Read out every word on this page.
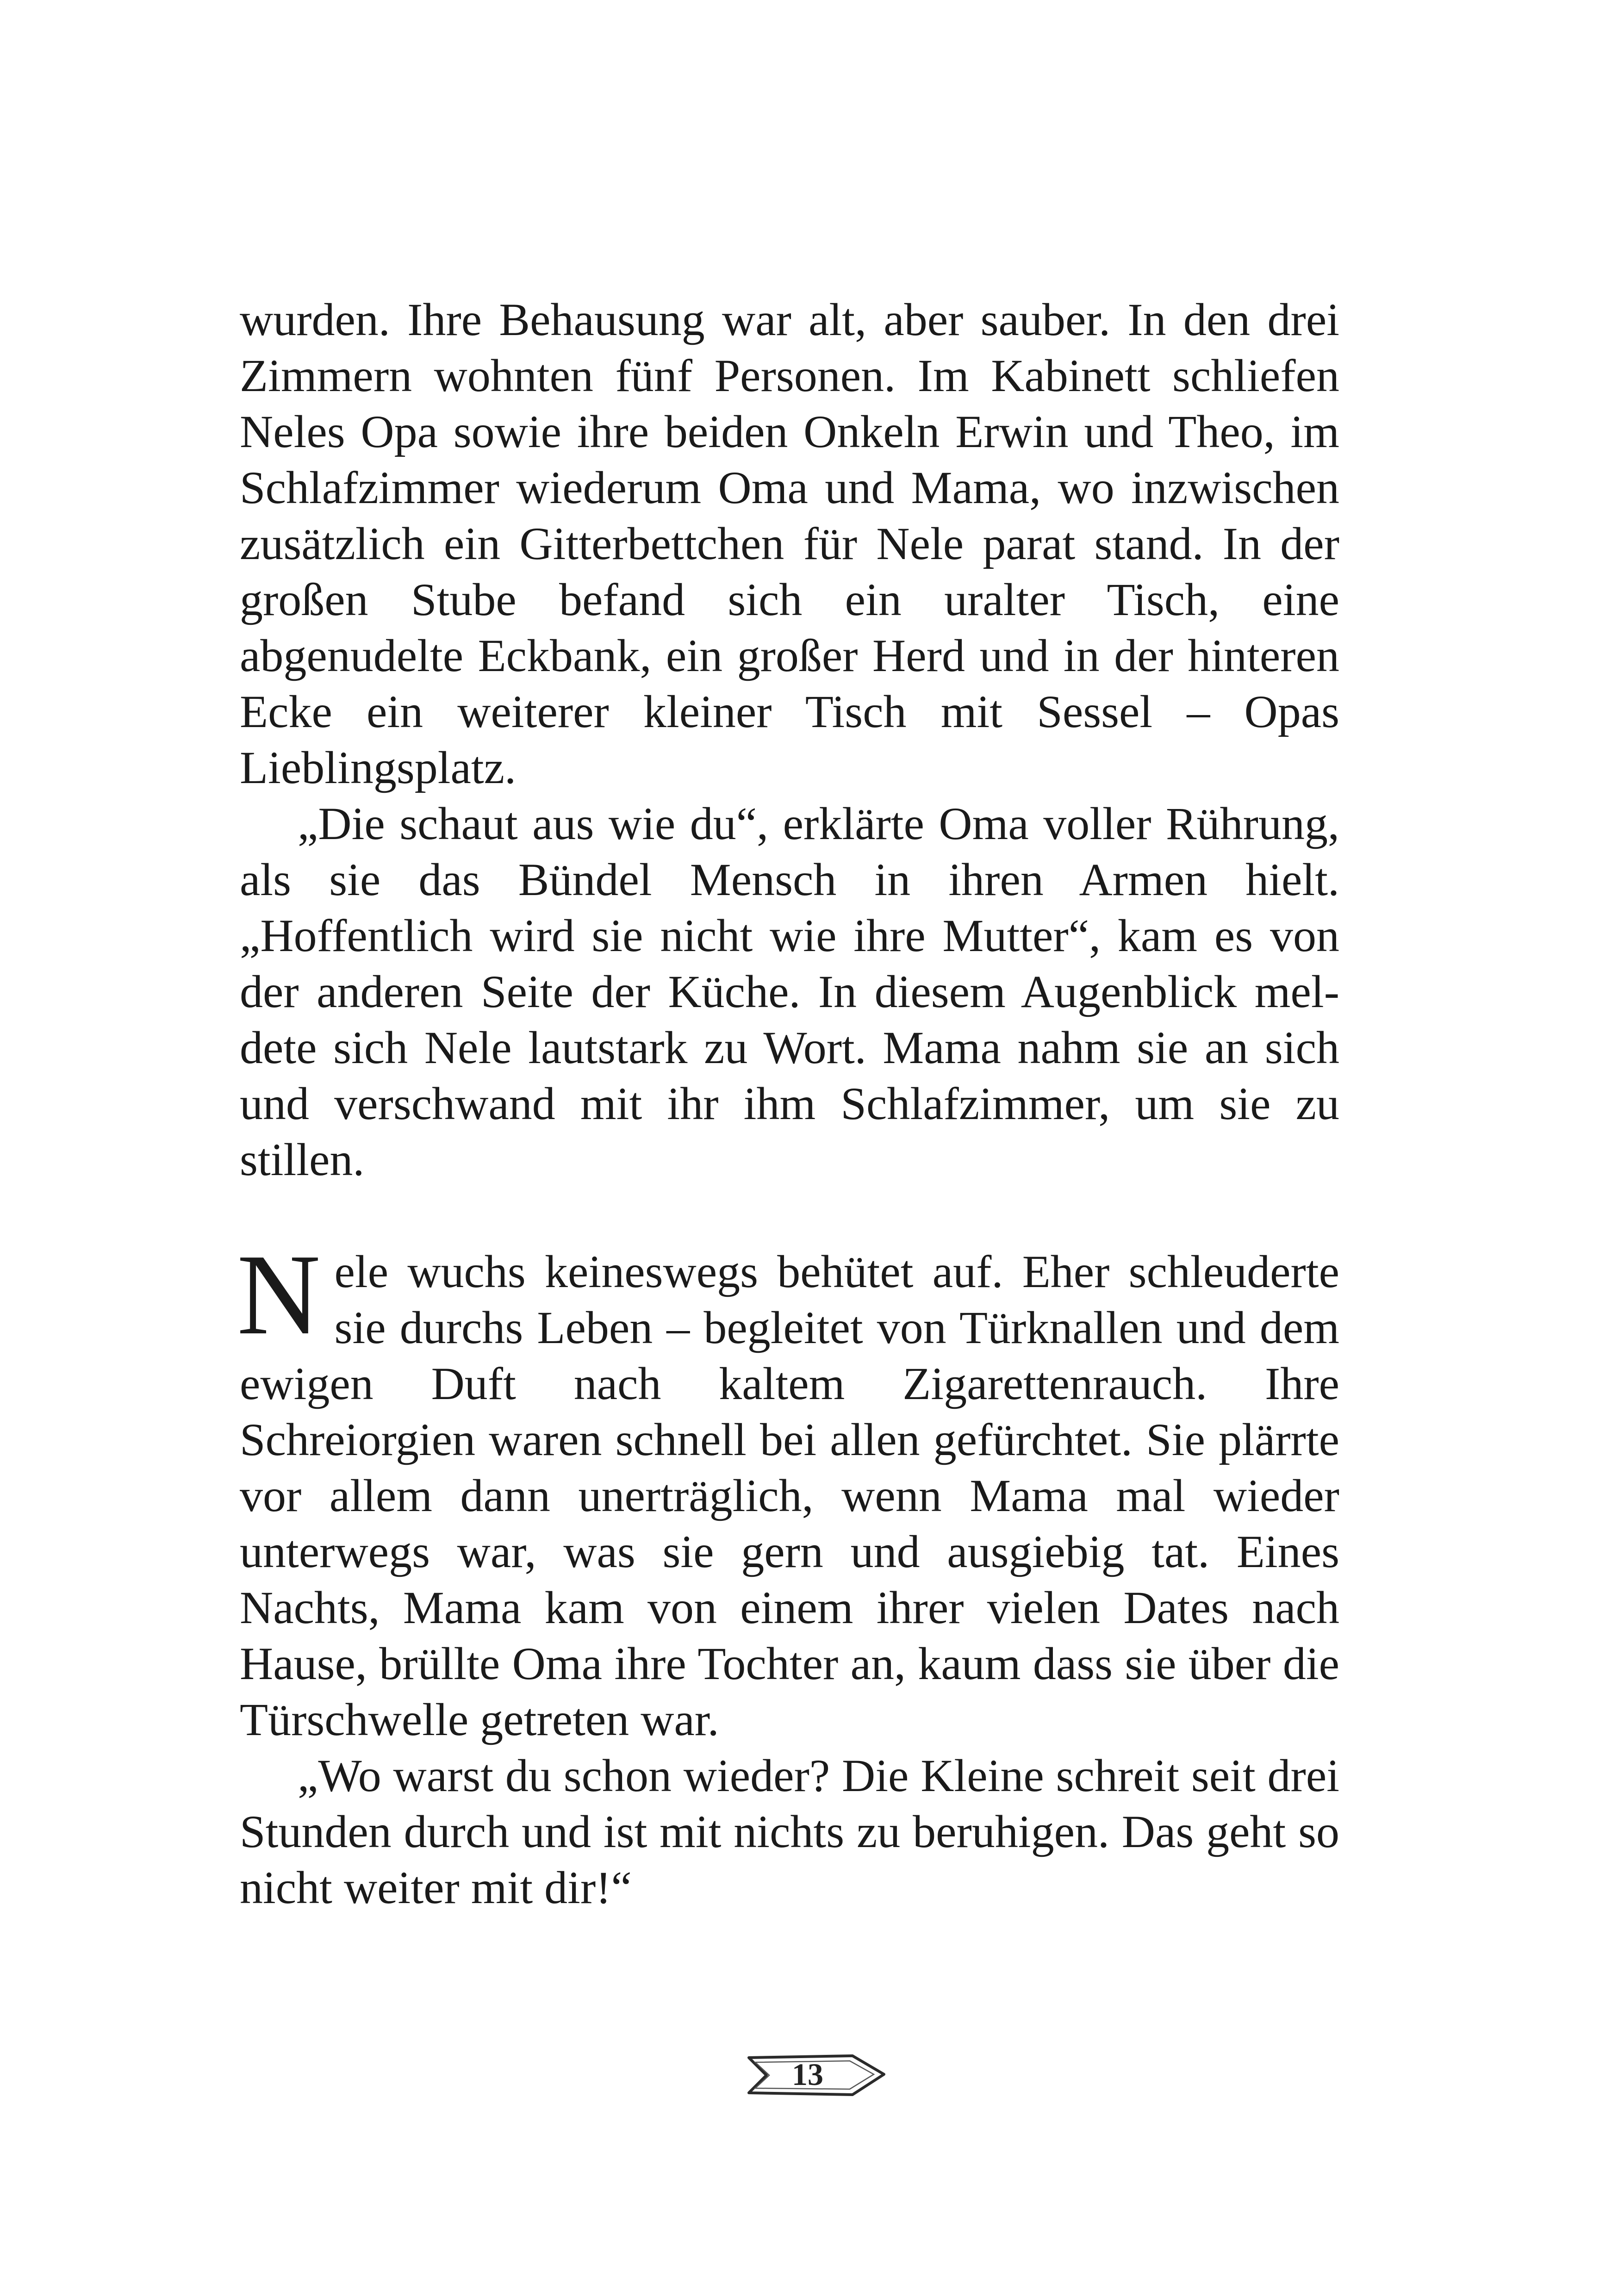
wurden. Ihre Behausung war alt, aber sauber. In den drei Zimmern wohnten fünf Personen. Im Kabinett schliefen Neles Opa sowie ihre beiden Onkeln Erwin und Theo, im Schlafzimmer wiederum Oma und Mama, wo inzwischen zusätzlich ein Gitterbettchen für Nele parat stand. In der großen Stube befand sich ein uralter Tisch, eine abgenudelte Eckbank, ein großer Herd und in der hinteren Ecke ein weiterer kleiner Tisch mit Sessel – Opas Lieblingsplatz.

„Die schaut aus wie du“, erklärte Oma voller Rührung, als sie das Bündel Mensch in ihren Armen hielt. „Hoffentlich wird sie nicht wie ihre Mutter“, kam es von der anderen Seite der Küche. In diesem Augenblick meldete sich Nele lautstark zu Wort. Mama nahm sie an sich und verschwand mit ihr ihm Schlafzimmer, um sie zu stillen.

Nele wuchs keineswegs behütet auf. Eher schleuderte sie durchs Leben – begleitet von Türknallen und dem ewigen Duft nach kaltem Zigarettenrauch. Ihre Schreiorgien waren schnell bei allen gefürchtet. Sie plärrte vor allem dann unerträglich, wenn Mama mal wieder unterwegs war, was sie gern und ausgiebig tat. Eines Nachts, Mama kam von einem ihrer vielen Dates nach Hause, brüllte Oma ihre Tochter an, kaum dass sie über die Türschwelle getreten war.

„Wo warst du schon wieder? Die Kleine schreit seit drei Stunden durch und ist mit nichts zu beruhigen. Das geht so nicht weiter mit dir!“

13
